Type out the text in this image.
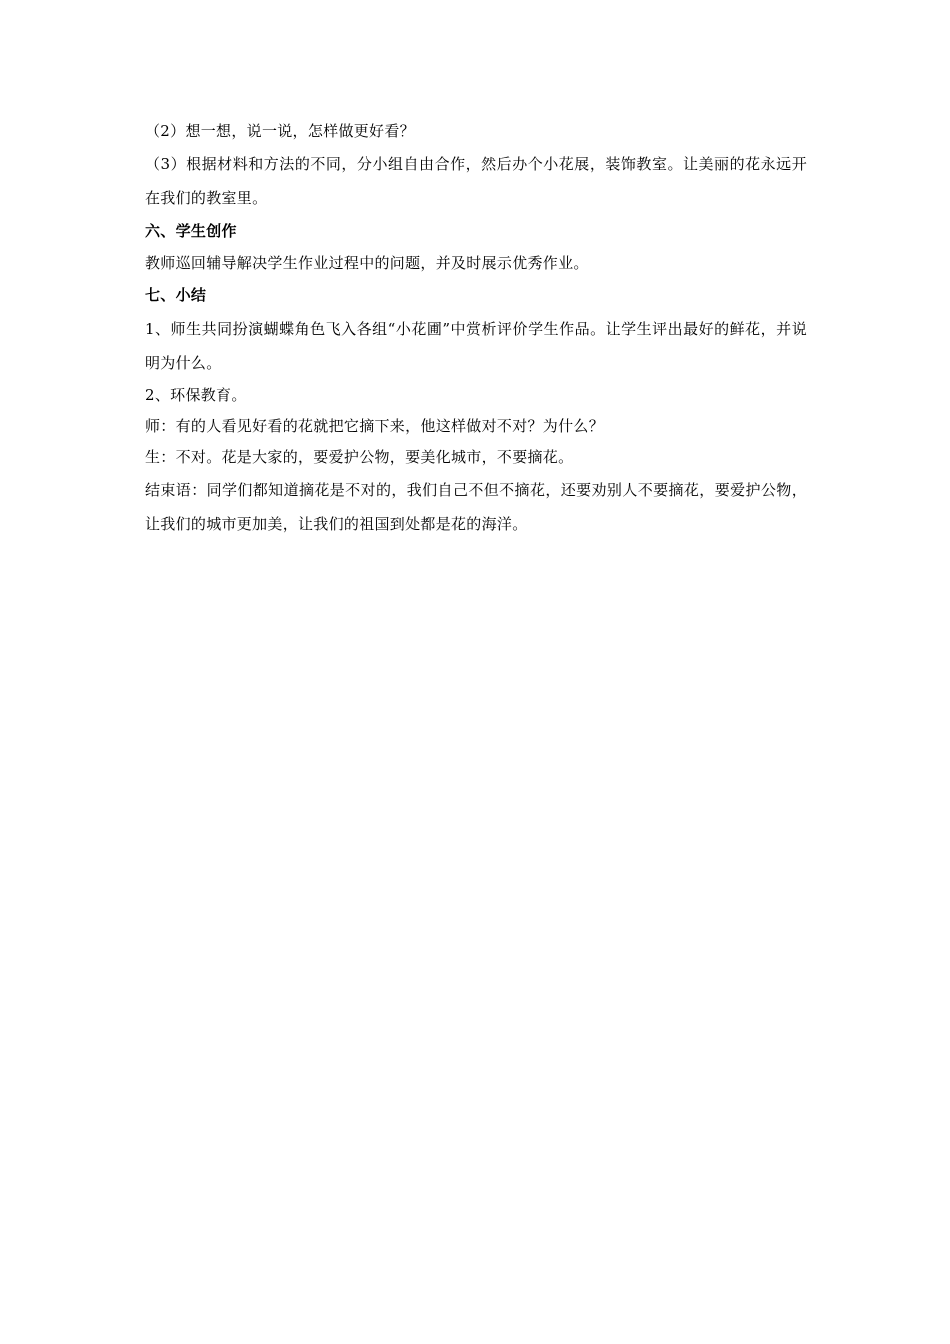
（2）想一想，说一说，怎样做更好看？

（3）根据材料和方法的不同，分小组自由合作，然后办个小花展，装饰教室。让美丽的花永远开在我们的教室里。

六、学生创作

教师巡回辅导解决学生作业过程中的问题，并及时展示优秀作业。

七、小结

1、师生共同扮演蝴蝶角色飞入各组“小花圃”中赏析评价学生作品。让学生评出最好的鲜花，并说明为什么。

2、环保教育。

师：有的人看见好看的花就把它摘下来，他这样做对不对？为什么？

生：不对。花是大家的，要爱护公物，要美化城市，不要摘花。

结束语：同学们都知道摘花是不对的，我们自己不但不摘花，还要劝别人不要摘花，要爱护公物，让我们的城市更加美，让我们的祖国到处都是花的海洋。
